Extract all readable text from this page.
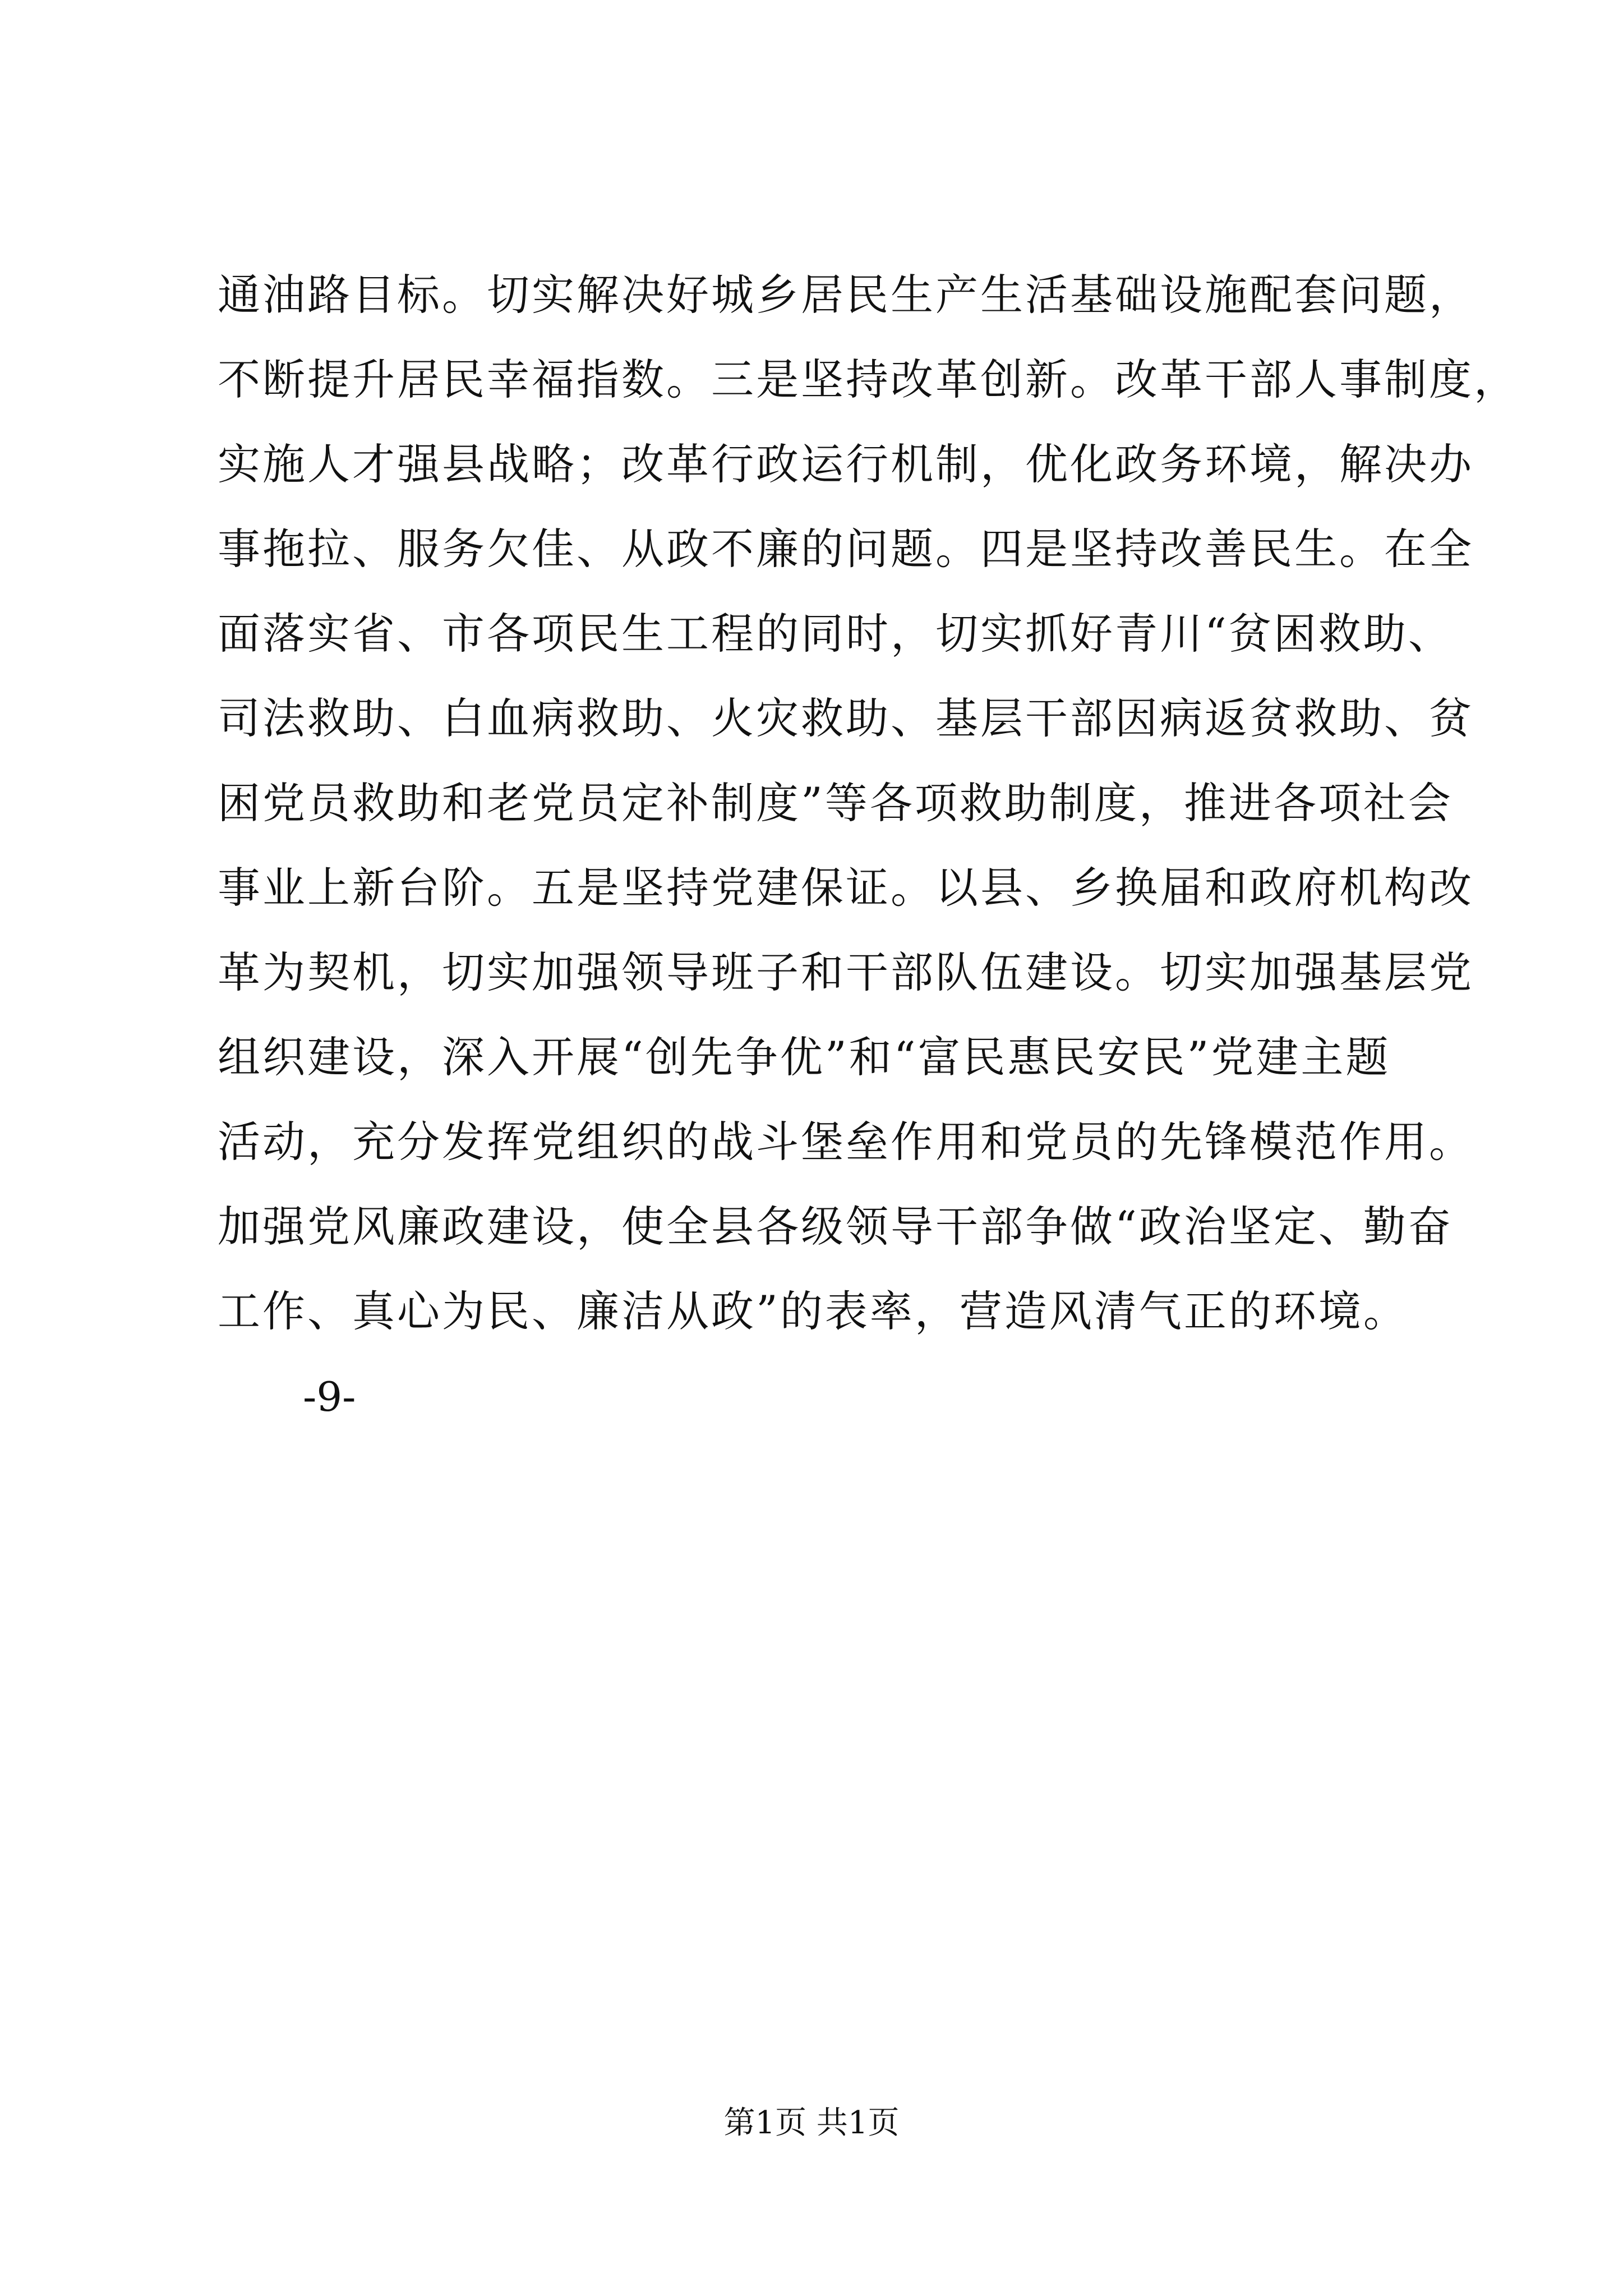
通油路目标。切实解决好城乡居民生产生活基础设施配套问题，
不断提升居民幸福指数。三是坚持改革创新。改革干部人事制度，
实施人才强县战略；改革行政运行机制，优化政务环境，解决办
事拖拉、服务欠佳、从政不廉的问题。四是坚持改善民生。在全
面落实省、市各项民生工程的同时，切实抓好青川“贫困救助、
司法救助、白血病救助、火灾救助、基层干部因病返贫救助、贫
困党员救助和老党员定补制度”等各项救助制度，推进各项社会
事业上新台阶。五是坚持党建保证。以县、乡换届和政府机构改
革为契机，切实加强领导班子和干部队伍建设。切实加强基层党
组织建设，深入开展“创先争优”和“富民惠民安民”党建主题
活动，充分发挥党组织的战斗堡垒作用和党员的先锋模范作用。
加强党风廉政建设，使全县各级领导干部争做“政治坚定、勤奋
工作、真心为民、廉洁从政”的表率，营造风清气正的环境。
-9-
第1页 共1页
